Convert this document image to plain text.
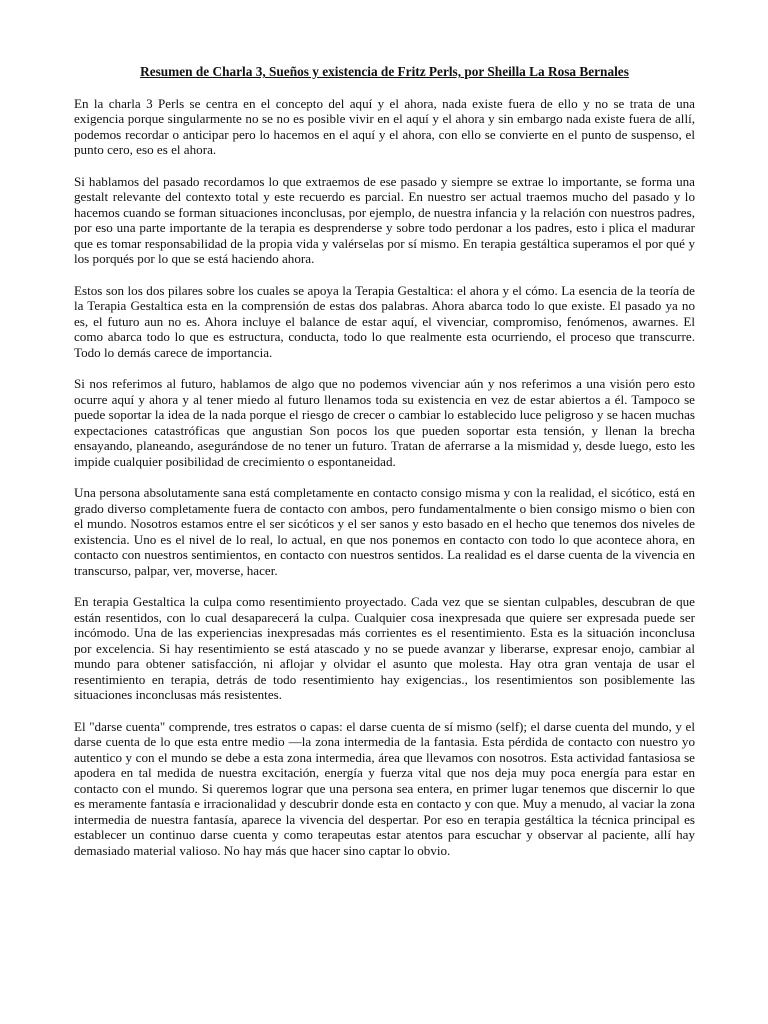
Resumen de Charla 3, Sueños y existencia de Fritz Perls, por Sheilla La Rosa Bernales

En la charla 3 Perls se centra en el concepto del aquí y el ahora, nada existe fuera de ello y no se trata de una exigencia porque singularmente no se no es posible vivir en el aquí y el ahora y sin embargo nada existe fuera de allí, podemos recordar o anticipar pero lo hacemos en el aquí y el ahora, con ello se convierte en el punto de suspenso, el punto cero, eso es el ahora.

Si hablamos del pasado recordamos lo que extraemos de ese pasado y siempre se extrae lo importante, se forma una gestalt relevante del contexto total y este recuerdo es parcial. En nuestro ser actual traemos mucho del pasado y lo hacemos cuando se forman situaciones inconclusas, por ejemplo, de nuestra infancia y la relación con nuestros padres, por eso una parte importante de la terapia es desprenderse y sobre todo perdonar a los padres, esto i plica el madurar que es tomar responsabilidad de la propia vida y valérselas por sí mismo. En terapia gestáltica superamos el por qué y los porqués por lo que se está haciendo ahora.

Estos son los dos pilares sobre los cuales se apoya la Terapia Gestaltica: el ahora y el cómo. La esencia de la teoría de la Terapia Gestaltica esta en la comprensión de estas dos palabras. Ahora abarca todo lo que existe. El pasado ya no es, el futuro aun no es. Ahora incluye el balance de estar aquí, el vivenciar, compromiso, fenómenos, awarnes. El como abarca todo lo que es estructura, conducta, todo lo que realmente esta ocurriendo, el proceso que transcurre. Todo lo demás carece de importancia.

Si nos referimos al futuro, hablamos de algo que no podemos vivenciar aún y nos referimos a una visión pero esto ocurre aquí y ahora y al tener miedo al futuro llenamos toda su existencia en vez de estar abiertos a él. Tampoco se puede soportar la idea de la nada porque el riesgo de crecer o cambiar lo establecido luce peligroso y se hacen muchas expectaciones catastróficas que angustian Son pocos los que pueden soportar esta tensión, y llenan la brecha ensayando, planeando, asegurándose de no tener un futuro. Tratan de aferrarse a la mismidad y, desde luego, esto les impide cualquier posibilidad de crecimiento o espontaneidad.

Una persona absolutamente sana está completamente en contacto consigo misma y con la realidad, el sicótico, está en grado diverso completamente fuera de contacto con ambos, pero fundamentalmente o bien consigo mismo o bien con el mundo. Nosotros estamos entre el ser sicóticos y el ser sanos y esto basado en el hecho que tenemos dos niveles de existencia. Uno es el nivel de lo real, lo actual, en que nos ponemos en contacto con todo lo que acontece ahora, en contacto con nuestros sentimientos, en contacto con nuestros sentidos. La realidad es el darse cuenta de la vivencia en transcurso, palpar, ver, moverse, hacer.

En terapia Gestaltica la culpa como resentimiento proyectado. Cada vez que se sientan culpables, descubran de que están resentidos, con lo cual desaparecerá la culpa. Cualquier cosa inexpresada que quiere ser expresada puede ser incómodo. Una de las experiencias inexpresadas más corrientes es el resentimiento. Esta es la situación inconclusa por excelencia. Si hay resentimiento se está atascado y no se puede avanzar y liberarse, expresar enojo, cambiar al mundo para obtener satisfacción, ni aflojar y olvidar el asunto que molesta. Hay otra gran ventaja de usar el resentimiento en terapia, detrás de todo resentimiento hay exigencias., los resentimientos son posiblemente las situaciones inconclusas más resistentes.

El "darse cuenta" comprende, tres estratos o capas: el darse cuenta de sí mismo (self); el darse cuenta del mundo, y el darse cuenta de lo que esta entre medio —la zona intermedia de la fantasia. Esta pérdida de contacto con nuestro yo autentico y con el mundo se debe a esta zona intermedia, área que llevamos con nosotros. Esta actividad fantasiosa se apodera en tal medida de nuestra excitación, energía y fuerza vital que nos deja muy poca energía para estar en contacto con el mundo. Si queremos lograr que una persona sea entera, en primer lugar tenemos que discernir lo que es meramente fantasía e irracionalidad y descubrir donde esta en contacto y con que. Muy a menudo, al vaciar la zona intermedia de nuestra fantasía, aparece la vivencia del despertar. Por eso en terapia gestáltica la técnica principal es establecer un continuo darse cuenta y como terapeutas estar atentos para escuchar y observar al paciente, allí hay demasiado material valioso. No hay más que hacer sino captar lo obvio.
